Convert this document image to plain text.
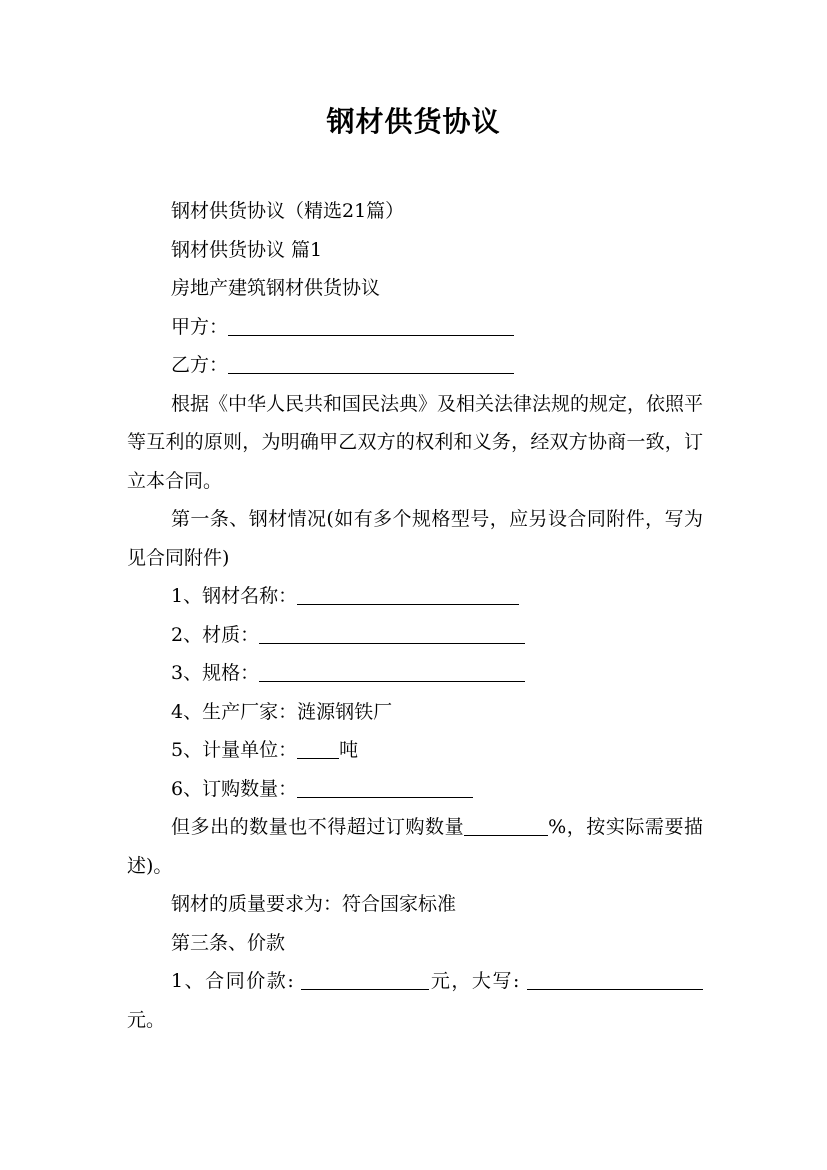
钢材供货协议

钢材供货协议（精选21篇）

钢材供货协议 篇1

房地产建筑钢材供货协议

甲方：

乙方：

根据《中华人民共和国民法典》及相关法律法规的规定，依照平等互利的原则，为明确甲乙双方的权利和义务，经双方协商一致，订立本合同。

第一条、钢材情况(如有多个规格型号，应另设合同附件，写为见合同附件)

1、钢材名称：

2、材质：

3、规格：

4、生产厂家：涟源钢铁厂

5、计量单位： 吨

6、订购数量：

但多出的数量也不得超过订购数量	%，按实际需要描述)。

钢材的质量要求为：符合国家标准

第三条、价款

1、合同价款:	元，大写: 元。
